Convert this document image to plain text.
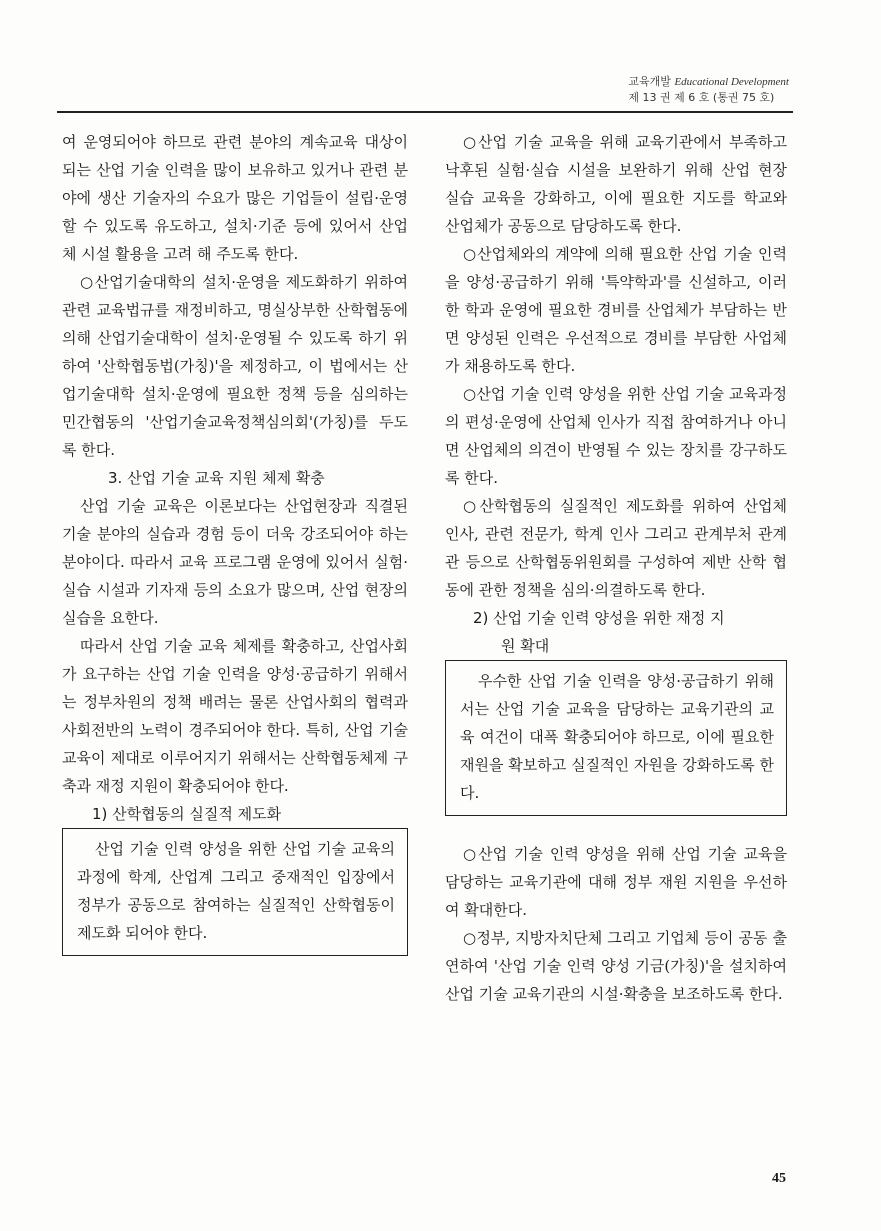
교육개발 Educational Development
제 13 권 제 6 호 (통권 75 호)

여 운영되어야 하므로 관련 분야의 계속교육 대상이 되는 산업 기술 인력을 많이 보유하고 있거나 관련 분야에 생산 기술자의 수요가 많은 기업들이 설립·운영할 수 있도록 유도하고, 설치·기준 등에 있어서 산업체 시설 활용을 고려 해 주도록 한다.

○산업기술대학의 설치·운영을 제도화하기 위하여 관련 교육법규를 재정비하고, 명실상부한 산학협동에 의해 산업기술대학이 설치·운영될 수 있도록 하기 위하여 '산학협동법(가칭)'을 제정하고, 이 법에서는 산업기술대학 설치·운영에 필요한 정책 등을 심의하는 민간협동의 '산업기술교육정책심의회'(가칭)를 두도록 한다.

3. 산업 기술 교육 지원 체제 확충

산업 기술 교육은 이론보다는 산업현장과 직결된 기술 분야의 실습과 경험 등이 더욱 강조되어야 하는 분야이다. 따라서 교육 프로그램 운영에 있어서 실험·실습 시설과 기자재 등의 소요가 많으며, 산업 현장의 실습을 요한다.

따라서 산업 기술 교육 체제를 확충하고, 산업사회가 요구하는 산업 기술 인력을 양성·공급하기 위해서는 정부차원의 정책 배려는 물론 산업사회의 협력과 사회전반의 노력이 경주되어야 한다. 특히, 산업 기술 교육이 제대로 이루어지기 위해서는 산학협동체제 구축과 재정 지원이 확충되어야 한다.

1) 산학협동의 실질적 제도화

산업 기술 인력 양성을 위한 산업 기술 교육의 과정에 학계, 산업계 그리고 중재적인 입장에서 정부가 공동으로 참여하는 실질적인 산학협동이 제도화 되어야 한다.

○산업 기술 교육을 위해 교육기관에서 부족하고 낙후된 실험·실습 시설을 보완하기 위해 산업 현장 실습 교육을 강화하고, 이에 필요한 지도를 학교와 산업체가 공동으로 담당하도록 한다.

○산업체와의 계약에 의해 필요한 산업 기술 인력을 양성·공급하기 위해 '특약학과'를 신설하고, 이러한 학과 운영에 필요한 경비를 산업체가 부담하는 반면 양성된 인력은 우선적으로 경비를 부담한 사업체가 채용하도록 한다.

○산업 기술 인력 양성을 위한 산업 기술 교육과정의 편성·운영에 산업체 인사가 직접 참여하거나 아니면 산업체의 의견이 반영될 수 있는 장치를 강구하도록 한다.

○산학협동의 실질적인 제도화를 위하여 산업체 인사, 관련 전문가, 학계 인사 그리고 관계부처 관계관 등으로 산학협동위원회를 구성하여 제반 산학 협동에 관한 정책을 심의·의결하도록 한다.

2) 산업 기술 인력 양성을 위한 재정 지
원 확대

우수한 산업 기술 인력을 양성·공급하기 위해서는 산업 기술 교육을 담당하는 교육기관의 교육 여건이 대폭 확충되어야 하므로, 이에 필요한 재원을 확보하고 실질적인 자원을 강화하도록 한다.

○산업 기술 인력 양성을 위해 산업 기술 교육을 담당하는 교육기관에 대해 정부 재원 지원을 우선하여 확대한다.

○정부, 지방자치단체 그리고 기업체 등이 공동 출연하여 '산업 기술 인력 양성 기금(가칭)'을 설치하여 산업 기술 교육기관의 시설·확충을 보조하도록 한다.

45
